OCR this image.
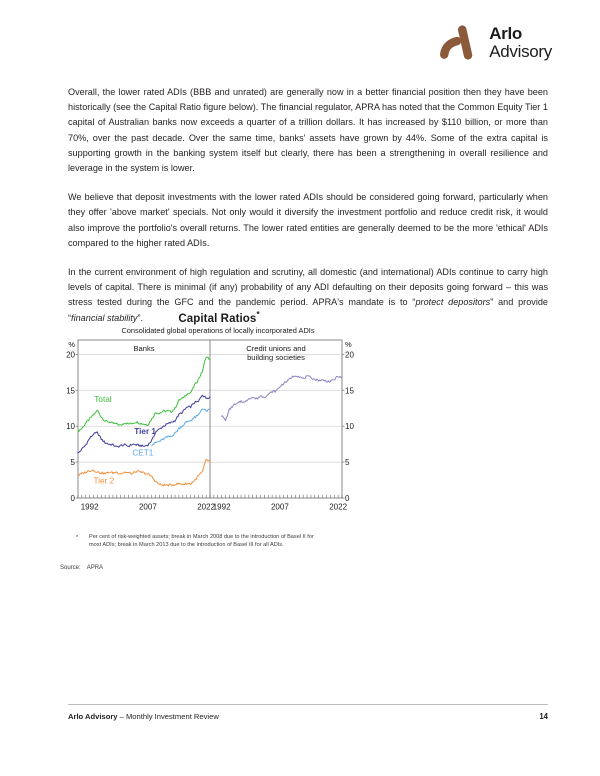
Arlo
Advisory

Overall, the lower rated ADIs (BBB and unrated) are generally now in a better financial position then they have been historically (see the Capital Ratio figure below). The financial regulator, APRA has noted that the Common Equity Tier 1 capital of Australian banks now exceeds a quarter of a trillion dollars. It has increased by $110 billion, or more than 70%, over the past decade. Over the same time, banks' assets have grown by 44%. Some of the extra capital is supporting growth in the banking system itself but clearly, there has been a strengthening in overall resilience and leverage in the system is lower.

We believe that deposit investments with the lower rated ADIs should be considered going forward, particularly when they offer 'above market' specials. Not only would it diversify the investment portfolio and reduce credit risk, it would also improve the portfolio's overall returns. The lower rated entities are generally deemed to be the more 'ethical' ADIs compared to the higher rated ADIs.

In the current environment of high regulation and scrutiny, all domestic (and international) ADIs continue to carry high levels of capital. There is minimal (if any) probability of any ADI defaulting on their deposits going forward – this was stress tested during the GFC and the pandemic period. APRA's mandate is to “protect depositors” and provide “financial stability”.	Capital Ratios*
Consolidated global operations of locally incorporated ADIs
0	0
5	5
10	10
15	15
20	20
%	%
1992	2007	2022
1992	2007	2022
Banks	Credit unions and
building societies
Total
Tier 1
CET1
Tier 2
*	Per cent of risk-weighted assets; break in March 2008 due to the introduction of Basel II for most ADIs; break in March 2013 due to the introduction of Basel III for all ADIs.
Source: APRA
Arlo Advisory – Monthly Investment Review	14
